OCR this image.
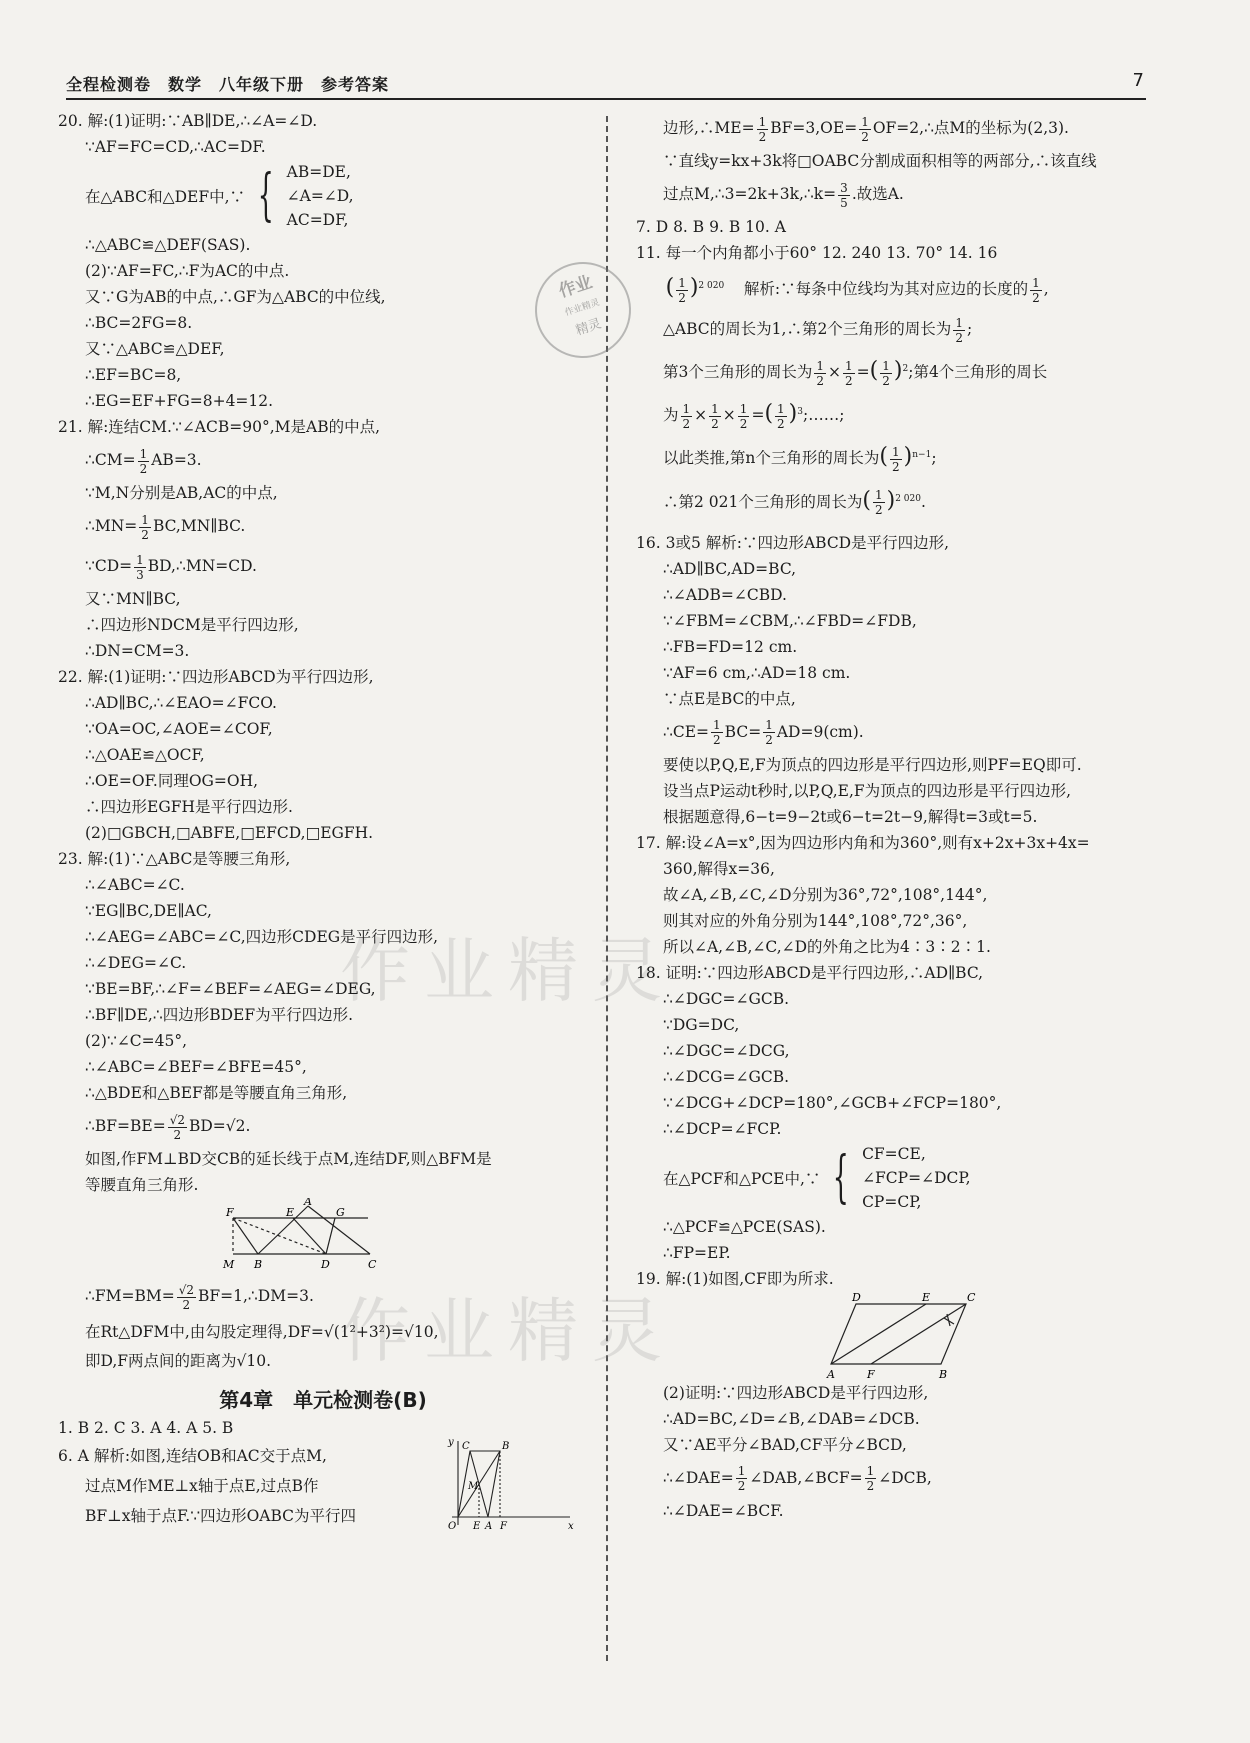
全程检测卷　数学　八年级下册　参考答案	7
作业精灵
作业精灵
作业
作业精灵
精灵
20. 解:(1)证明:∵AB∥DE,∴∠A=∠D.
∵AF=FC=CD,∴AC=DF.
在△ABC和△DEF中,∵ { AB=DE,
∠A=∠D,
AC=DF,
∴△ABC≌△DEF(SAS).
(2)∵AF=FC,∴F为AC的中点.
又∵G为AB的中点,∴GF为△ABC的中位线,
∴BC=2FG=8.
又∵△ABC≌△DEF,
∴EF=BC=8,
∴EG=EF+FG=8+4=12.
21. 解:连结CM.∵∠ACB=90°,M是AB的中点,
∴CM= $\frac{1}{2} AB=3$.
∵M,N分别是AB,AC的中点,
∴MN= $\frac{1}{2}$ BC,MN∥BC.
∵CD= $\frac{1}{3}$ BD,∴MN=CD.
又∵MN∥BC,
∴四边形NDCM是平行四边形,
∴DN=CM=3.
22. 解:(1)证明:∵四边形ABCD为平行四边形,
∴AD∥BC,∴∠EAO=∠FCO.
∵OA=OC,∠AOE=∠COF,
∴△OAE≌△OCF,
∴OE=OF.同理OG=OH,
∴四边形EGFH是平行四边形.
(2)□GBCH,□ABFE,□EFCD,□EGFH.
23. 解:(1)∵△ABC是等腰三角形,
∴∠ABC=∠C.
∵EG∥BC,DE∥AC,
∴∠AEG=∠ABC=∠C,四边形CDEG是平行四边形,
∴∠DEG=∠C.
∵BE=BF,∴∠F=∠BEF=∠AEG=∠DEG,
∴BF∥DE,∴四边形BDEF为平行四边形.
(2)∵∠C=45°,
∴∠ABC=∠BEF=∠BFE=45°,
∴△BDE和△BEF都是等腰直角三角形,
∴BF=BE= $\frac{√2}{2} BD=√2$.
如图,作FM⊥BD交CB的延长线于点M,连结DF,则△BFM是
等腰直角三角形.
F
A
E	G
M B	D	C
∴FM=BM= $\frac{√2}{2}$ BF=1,∴DM=3.
在Rt△DFM中,由勾股定理得,DF=√(1²+3²)=√10,
即D,F两点间的距离为√10.
第4章　单元检测卷(B)
1. B 2. C 3. A 4. A 5. B
6. A 解析:如图,连结OB和AC交于点M,
过点M作ME⊥x轴于点E,过点B作
BF⊥x轴于点F.∵四边形OABC为平行四
y C	B
M
O E A F	x
边形,∴ME= $\frac{1}{2} BF=3,OE= \frac{1}{2}$ OF=2,∴点M的坐标为(2,3).
∵直线y=kx+3k将□OABC分割成面积相等的两部分,∴该直线
过点M,∴3=2k+3k,∴k= $\frac{3}{5}$ .故选A.
7. D 8. B 9. B 10. A
11. 每一个内角都小于60° 12. 240 13. 70° 14. 16
( $\frac{1}{2} )^{2 020}$ 解析:∵每条中位线均为其对应边的长度的 $\frac{1}{2}$ ,
△ABC的周长为1,∴第2个三角形的周长为 $\frac{1}{2}$ ;
第3个三角形的周长为 $\frac{1}{2} \times \frac{1}{2}$ =( $\frac{1}{2} )^2$;第4个三角形的周长
为 $\frac{1}{2} \times \frac{1}{2} \times \frac{1}{2}$ =( $\frac{1}{2}$ )$^3$;……;
以此类推,第n个三角形的周长为( $\frac{1}{2} )^{n-1}$;
∴第2 021个三角形的周长为( $\frac{1}{2} )^{2 020}$.
16. 3或5 解析:∵四边形ABCD是平行四边形,
∴AD∥BC,AD=BC,
∴∠ADB=∠CBD.
∵∠FBM=∠CBM,∴∠FBD=∠FDB,
∴FB=FD=12 cm.
∵AF=6 cm,∴AD=18 cm.
∵点E是BC的中点,
∴CE= $\frac{1}{2} BC= \frac{1}{2} AD=9(cm)$.
要使以P,Q,E,F为顶点的四边形是平行四边形,则PF=EQ即可.
设当点P运动t秒时,以P,Q,E,F为顶点的四边形是平行四边形,
根据题意得,6−t=9−2t或6−t=2t−9,解得t=3或t=5.
17. 解:设∠A=x°,因为四边形内角和为360°,则有x+2x+3x+4x=
360,解得x=36,
故∠A,∠B,∠C,∠D分别为36°,72°,108°,144°,
则其对应的外角分别为144°,108°,72°,36°,
所以∠A,∠B,∠C,∠D的外角之比为4∶3∶2∶1.
18. 证明:∵四边形ABCD是平行四边形,∴AD∥BC,
∴∠DGC=∠GCB.
∵DG=DC,
∴∠DGC=∠DCG,
∴∠DCG=∠GCB.
∵∠DCG+∠DCP=180°,∠GCB+∠FCP=180°,
∴∠DCP=∠FCP.
在△PCF和△PCE中,∵ { CF=CE,
∠FCP=∠DCP,
CP=CP,
∴△PCF≌△PCE(SAS).
∴FP=EP.
19. 解:(1)如图,CF即为所求.
D	E	C
A	F	B
(2)证明:∵四边形ABCD是平行四边形,
∴AD=BC,∠D=∠B,∠DAB=∠DCB.
又∵AE平分∠BAD,CF平分∠BCD,
∴∠DAE= $\frac{1}{2}$ ∠DAB,∠BCF= $\frac{1}{2}$ ∠DCB,
∴∠DAE=∠BCF.
